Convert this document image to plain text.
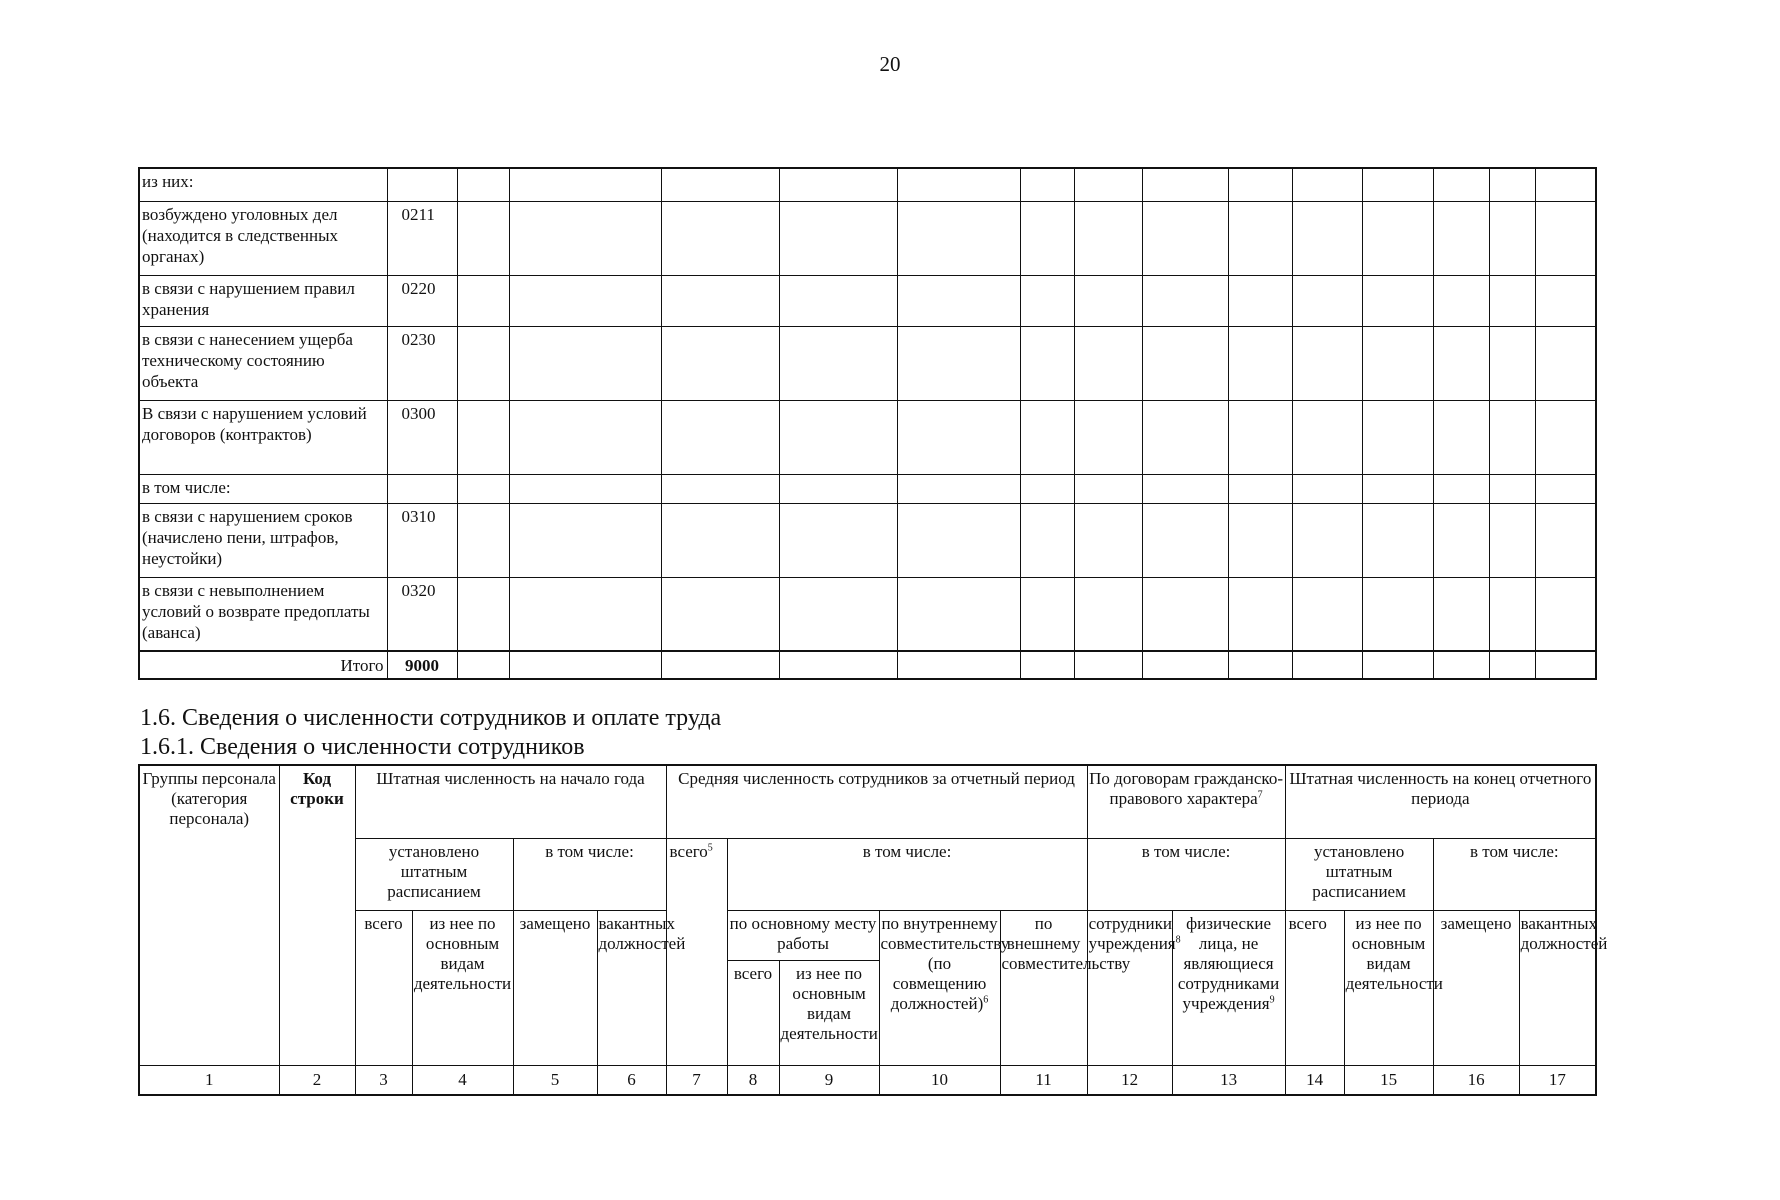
20
из них:															
возбуждено уголовных дел (находится в следственных органах)	0211														
в связи с нарушением правил хранения	0220														
в связи с нанесением ущерба техническому состоянию объекта	0230														
В связи с нарушением условий договоров (контрактов)	0300														
в том числе:															
в связи с нарушением сроков (начислено пени, штрафов, неустойки)	0310														
в связи с невыполнением условий о возврате предоплаты (аванса)	0320														
Итого	9000														
1.6. Сведения о численности сотрудников и оплате труда
1.6.1. Сведения о численности сотрудников
Группы персонала (категория персонала)	Код строки	Штатная численность на начало года				Средняя численность сотрудников за отчетный период					По договорам гражданско-правового характера$^7$		Штатная численность на конец отчетного периода			
		установлено штатным расписанием		в том числе:		всего$^5$	в том числе:				в том числе:		установлено штатным расписанием		в том числе:	
		всего	из нее по основным видам деятельности	замещено	вакантных должностей		по основному месту работы		по внутреннему совместительству (по совмещению должностей)$^6$	по внешнему совместительству	сотрудники учреждения$^8$	физические лица, не являющиеся сотрудниками учреждения$^9$	всего	из нее по основным видам деятельности	замещено	вакантных должностей
							всего	из нее по основным видам деятельности								
1	2	3	4	5	6	7	8	9	10	11	12	13	14	15	16	17
